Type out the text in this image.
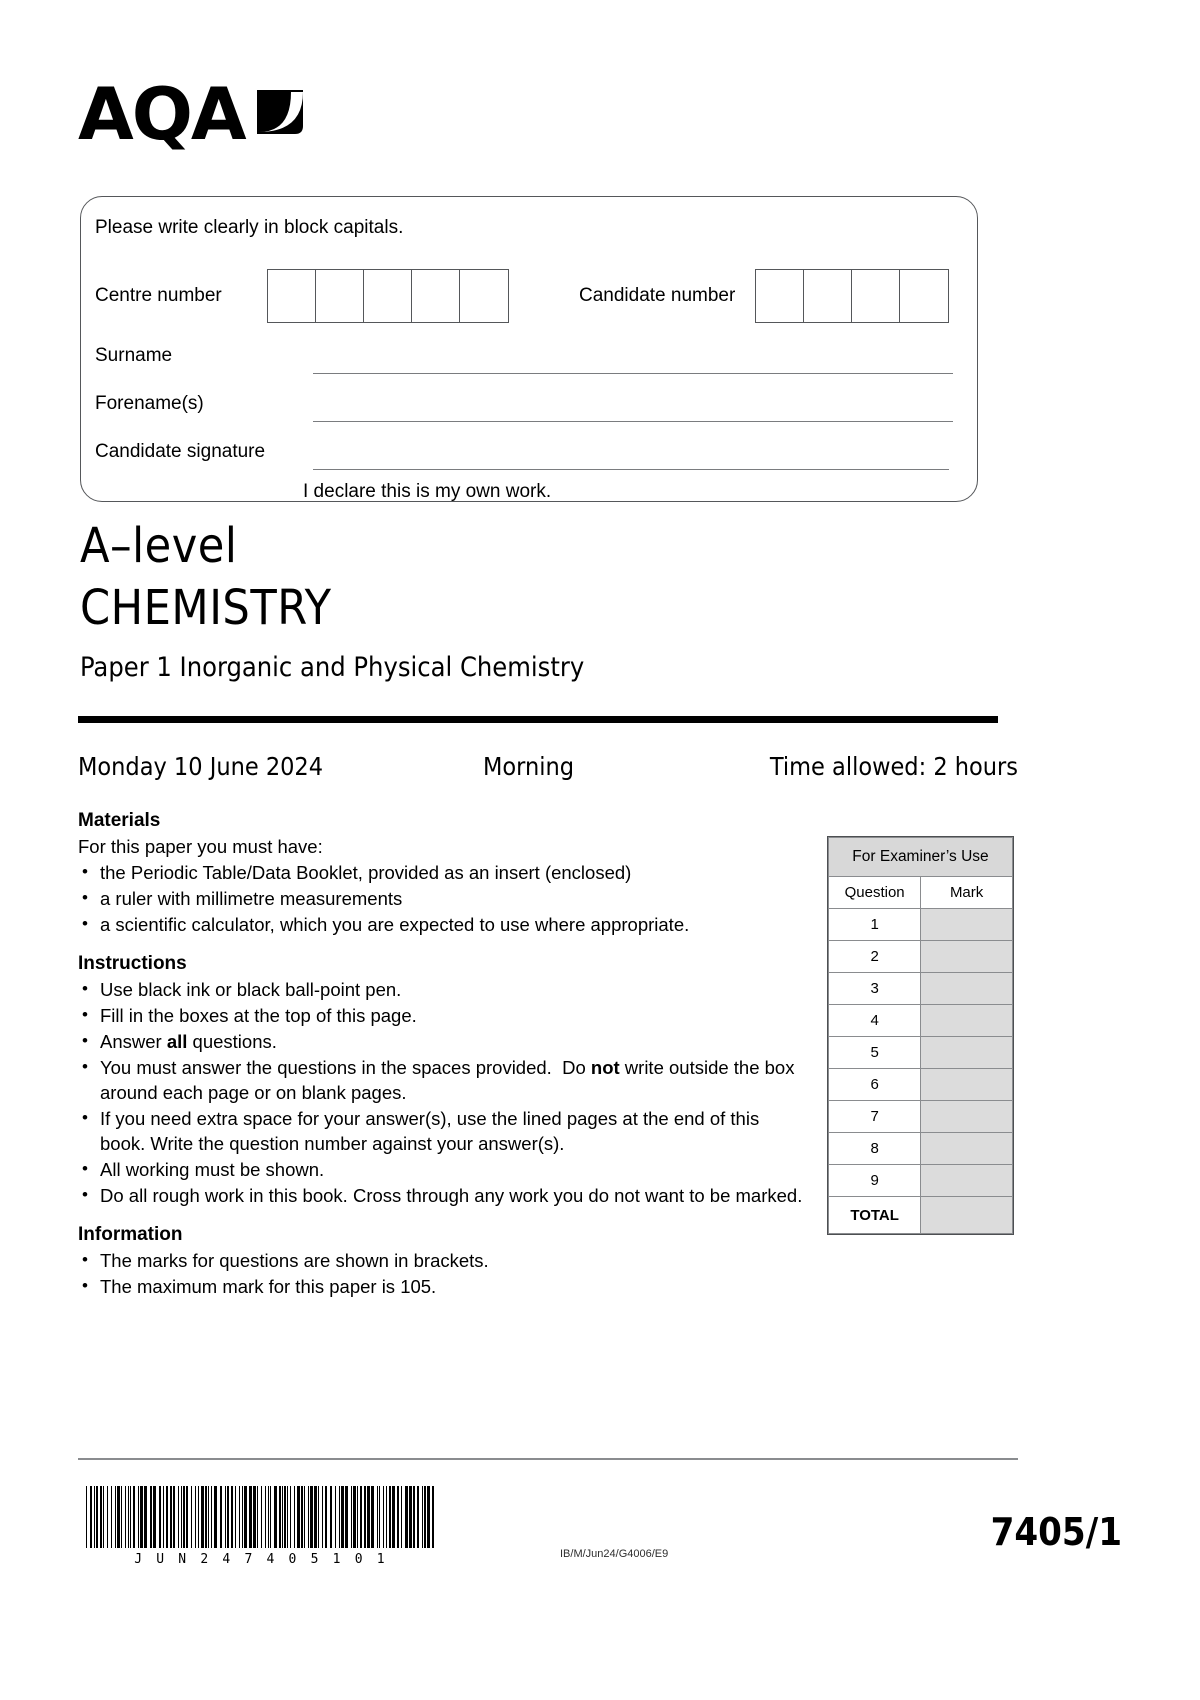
AQA
Please write clearly in block capitals.
Centre number	Candidate number
Surname
Forename(s)
Candidate signature
I declare this is my own work.
A–level
CHEMISTRY
Paper 1 Inorganic and Physical Chemistry
Monday 10 June 2024	Morning	Time allowed: 2 hours
Materials

For this paper you must have:

• the Periodic Table/Data Booklet, provided as an insert (enclosed)
• a ruler with millimetre measurements
• a scientific calculator, which you are expected to use where appropriate.
Instructions
• Use black ink or black ball-point pen.
• Fill in the boxes at the top of this page.
• Answer all questions.
• You must answer the questions in the spaces provided.  Do not write outside the box around each page or on blank pages.
• If you need extra space for your answer(s), use the lined pages at the end of this book. Write the question number against your answer(s).
• All working must be shown.
• Do all rough work in this book. Cross through any work you do not want to be marked.
Information
• The marks for questions are shown in brackets.
• The maximum mark for this paper is 105.
For Examiner’s Use	
Question	Mark
1	
2	
3	
4	
5	
6	
7	
8	
9	
TOTAL	
J U N 2 4 7 4 0 5 1 0 1	IB/M/Jun24/G4006/E9	7405/1
